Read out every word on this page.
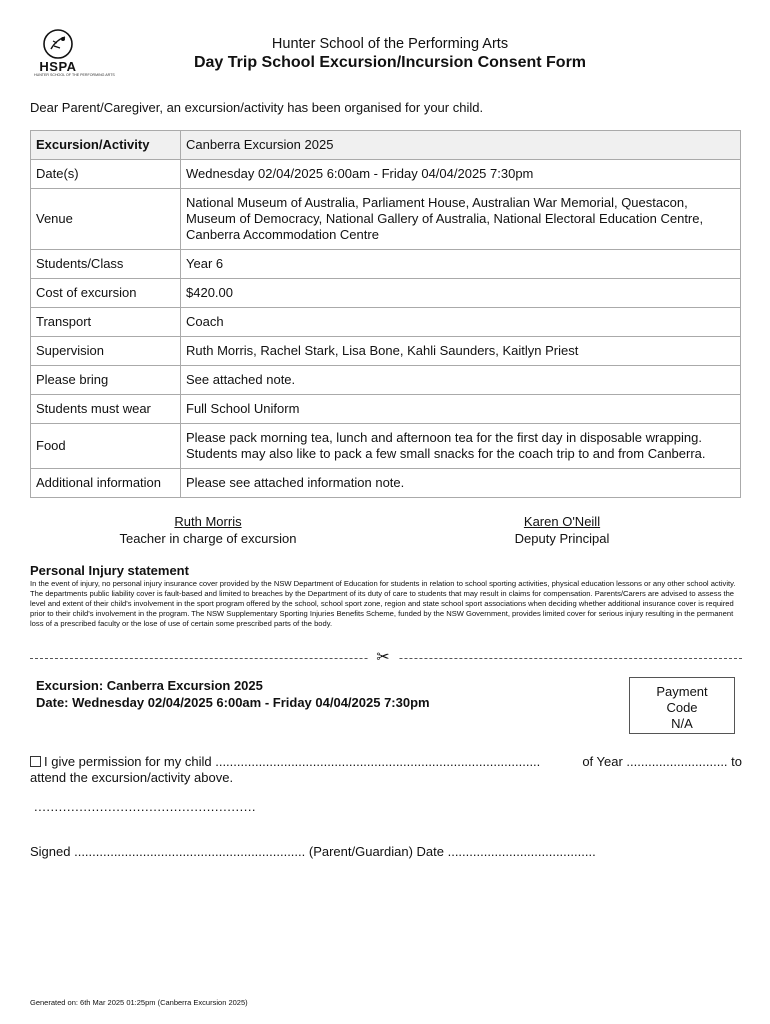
HSPA
HUNTER SCHOOL OF THE PERFORMING ARTS
Hunter School of the Performing Arts
Day Trip School Excursion/Incursion Consent Form
Dear Parent/Caregiver, an excursion/activity has been organised for your child.
Excursion/Activity	Canberra Excursion 2025
Date(s)	Wednesday 02/04/2025 6:00am - Friday 04/04/2025 7:30pm
Venue	National Museum of Australia, Parliament House, Australian War Memorial, Questacon, Museum of Democracy, National Gallery of Australia, National Electoral Education Centre, Canberra Accommodation Centre
Students/Class	Year 6
Cost of excursion	$420.00
Transport	Coach
Supervision	Ruth Morris, Rachel Stark, Lisa Bone, Kahli Saunders, Kaitlyn Priest
Please bring	See attached note.
Students must wear	Full School Uniform
Food	Please pack morning tea, lunch and afternoon tea for the first day in disposable wrapping. Students may also like to pack a few small snacks for the coach trip to and from Canberra.
Additional information	Please see attached information note.
Ruth Morris
Teacher in charge of excursion
Karen O'Neill
Deputy Principal
Personal Injury statement
In the event of injury, no personal injury insurance cover provided by the NSW Department of Education for students in relation to school sporting activities, physical education lessons or any other school activity. The departments public liability cover is fault-based and limited to breaches by the Department of its duty of care to students that may result in claims for compensation. Parents/Carers are advised to assess the level and extent of their child's involvement in the sport program offered by the school, school sport zone, region and state school sport associations when deciding whether additional insurance cover is required prior to their child's involvement in the program. The NSW Supplementary Sporting Injuries Benefits Scheme, funded by the NSW Government, provides limited cover for serious injury resulting in the permanent loss of a prescribed faculty or the lose of use of certain some prescribed parts of the body.
✂
Excursion: Canberra Excursion 2025
Date: Wednesday 02/04/2025 6:00am - Friday 04/04/2025 7:30pm
Payment
Code
N/A
I give permission for my child ..........................................................................................	of Year ............................ to
attend the excursion/activity above.
......................................................
Signed ................................................................ (Parent/Guardian) Date .........................................
Generated on: 6th Mar 2025 01:25pm (Canberra Excursion 2025)
